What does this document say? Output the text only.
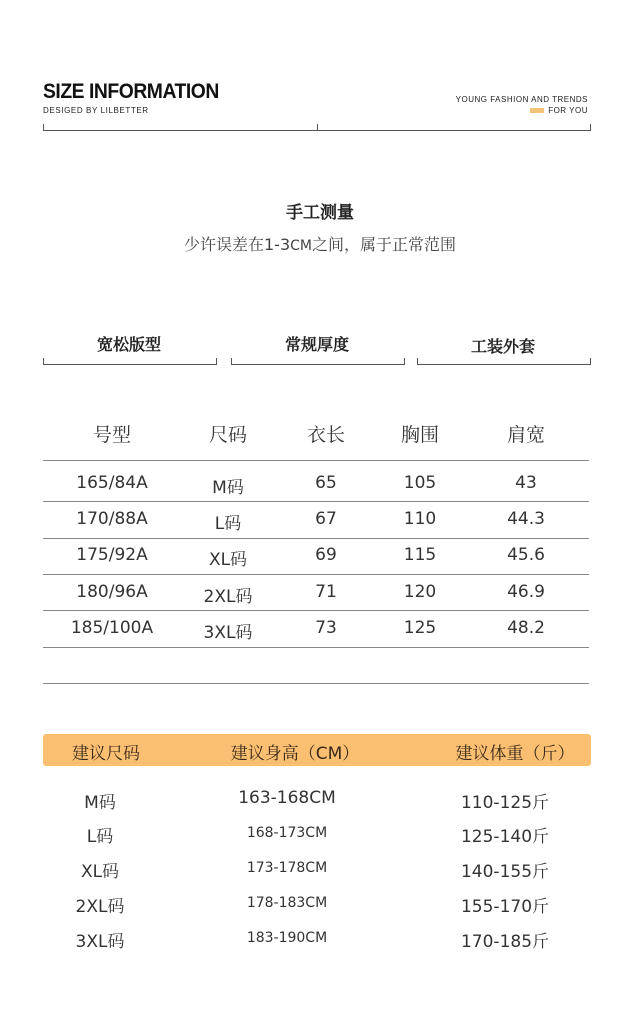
SIZE INFORMATION
DESIGED BY LILBETTER
YOUNG FASHION AND TRENDS
FOR YOU
手工测量
少许误差在1-3CM之间，属于正常范围
宽松版型	常规厚度	工装外套
号型	尺码	衣长	胸围	肩宽
165/84A	M码	65	105	43
170/88A	L码	67	110	44.3
175/92A	XL码	69	115	45.6
180/96A	2XL码	71	120	46.9
185/100A	3XL码	73	125	48.2
建议尺码	建议身高（CM）	建议体重（斤）
M码	163-168CM	110-125斤
L码	168-173CM	125-140斤
XL码	173-178CM	140-155斤
2XL码	178-183CM	155-170斤
3XL码	183-190CM	170-185斤
